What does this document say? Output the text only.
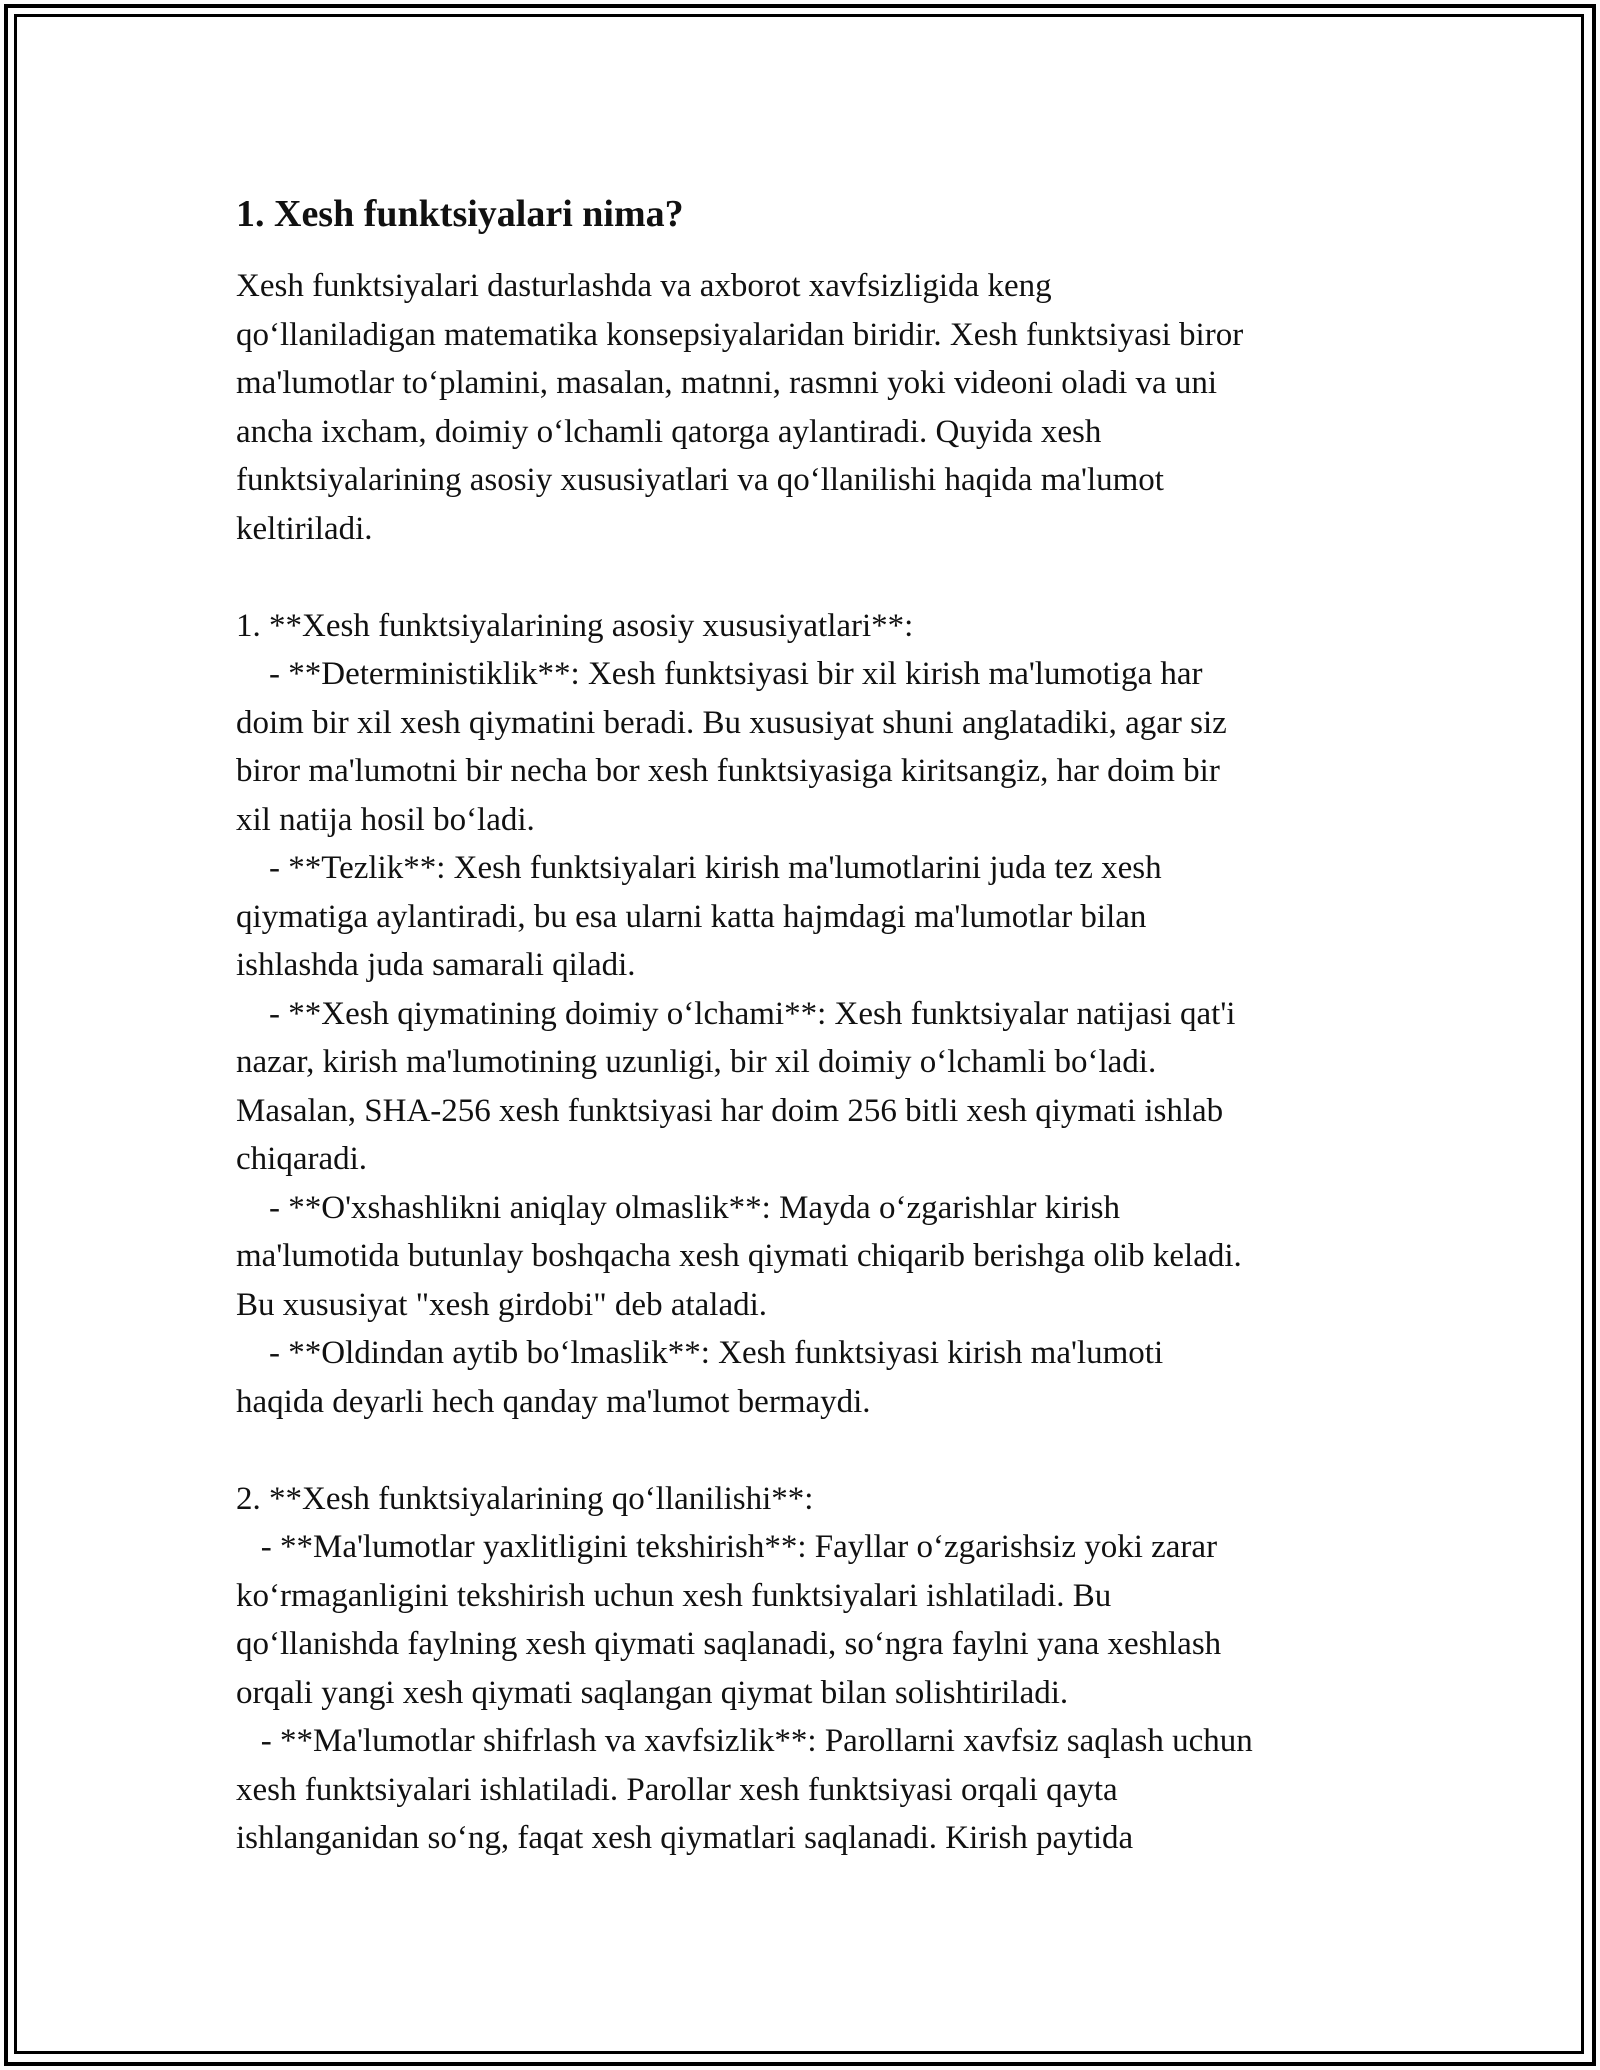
1. Xesh funktsiyalari nima?
Xesh funktsiyalari dasturlashda va axborot xavfsizligida keng
qo‘llaniladigan matematika konsepsiyalaridan biridir. Xesh funktsiyasi biror
ma'lumotlar to‘plamini, masalan, matnni, rasmni yoki videoni oladi va uni
ancha ixcham, doimiy o‘lchamli qatorga aylantiradi. Quyida xesh
funktsiyalarining asosiy xususiyatlari va qo‘llanilishi haqida ma'lumot
keltiriladi.
1. **Xesh funktsiyalarining asosiy xususiyatlari**:
- **Deterministiklik**: Xesh funktsiyasi bir xil kirish ma'lumotiga har
doim bir xil xesh qiymatini beradi. Bu xususiyat shuni anglatadiki, agar siz
biror ma'lumotni bir necha bor xesh funktsiyasiga kiritsangiz, har doim bir
xil natija hosil bo‘ladi.
- **Tezlik**: Xesh funktsiyalari kirish ma'lumotlarini juda tez xesh
qiymatiga aylantiradi, bu esa ularni katta hajmdagi ma'lumotlar bilan
ishlashda juda samarali qiladi.
- **Xesh qiymatining doimiy o‘lchami**: Xesh funktsiyalar natijasi qat'i
nazar, kirish ma'lumotining uzunligi, bir xil doimiy o‘lchamli bo‘ladi.
Masalan, SHA-256 xesh funktsiyasi har doim 256 bitli xesh qiymati ishlab
chiqaradi.
- **O'xshashlikni aniqlay olmaslik**: Mayda o‘zgarishlar kirish
ma'lumotida butunlay boshqacha xesh qiymati chiqarib berishga olib keladi.
Bu xususiyat "xesh girdobi" deb ataladi.
- **Oldindan aytib bo‘lmaslik**: Xesh funktsiyasi kirish ma'lumoti
haqida deyarli hech qanday ma'lumot bermaydi.
2. **Xesh funktsiyalarining qo‘llanilishi**:
- **Ma'lumotlar yaxlitligini tekshirish**: Fayllar o‘zgarishsiz yoki zarar
ko‘rmaganligini tekshirish uchun xesh funktsiyalari ishlatiladi. Bu
qo‘llanishda faylning xesh qiymati saqlanadi, so‘ngra faylni yana xeshlash
orqali yangi xesh qiymati saqlangan qiymat bilan solishtiriladi.
- **Ma'lumotlar shifrlash va xavfsizlik**: Parollarni xavfsiz saqlash uchun
xesh funktsiyalari ishlatiladi. Parollar xesh funktsiyasi orqali qayta
ishlanganidan so‘ng, faqat xesh qiymatlari saqlanadi. Kirish paytida
